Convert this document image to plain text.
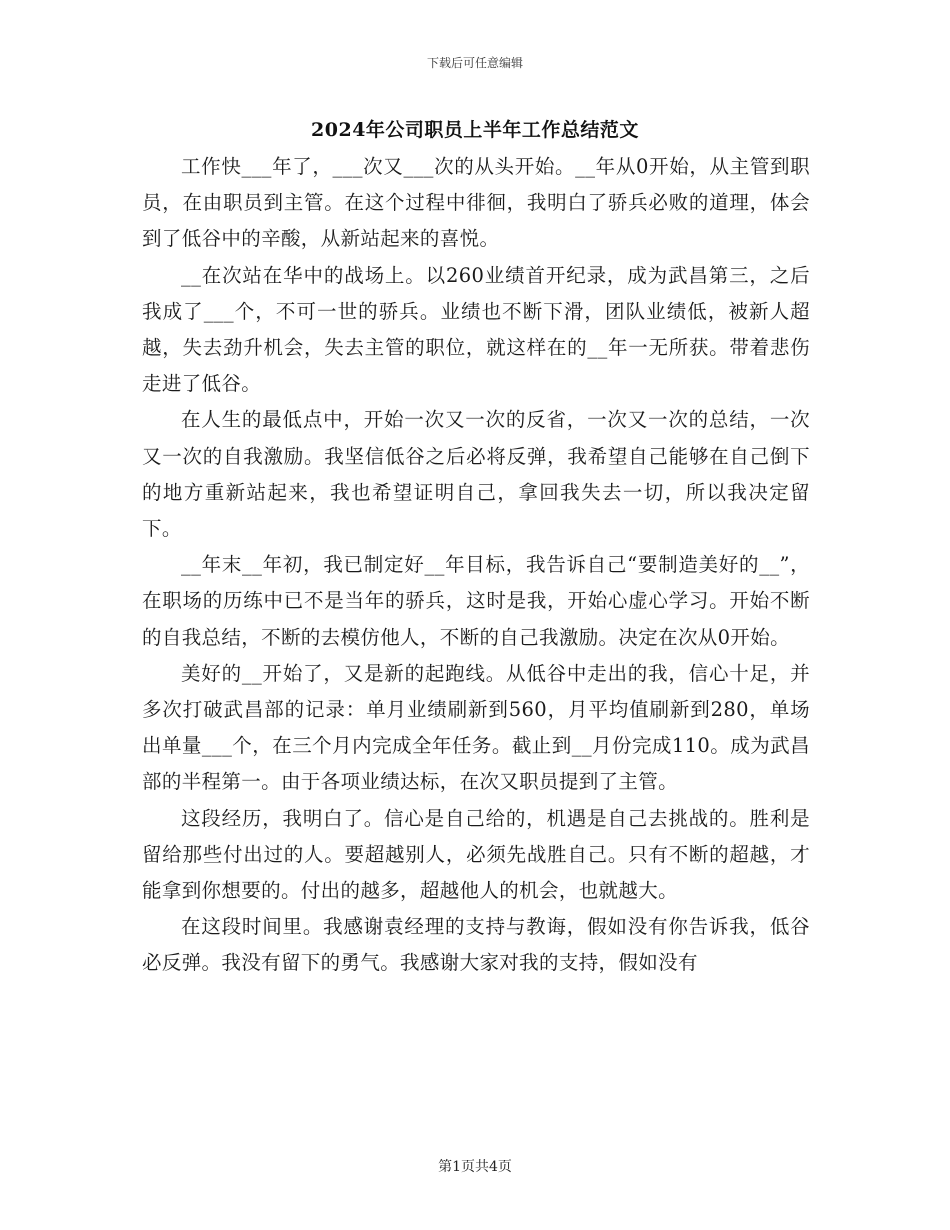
下载后可任意编辑
2024年公司职员上半年工作总结范文

工作快___年了，___次又___次的从头开始。__年从0开始，从主管到职员，在由职员到主管。在这个过程中徘徊，我明白了骄兵必败的道理，体会到了低谷中的辛酸，从新站起来的喜悦。

__在次站在华中的战场上。以260业绩首开纪录，成为武昌第三，之后我成了___个，不可一世的骄兵。业绩也不断下滑，团队业绩低，被新人超越，失去劲升机会，失去主管的职位，就这样在的__年一无所获。带着悲伤走进了低谷。

在人生的最低点中，开始一次又一次的反省，一次又一次的总结，一次又一次的自我激励。我坚信低谷之后必将反弹，我希望自己能够在自己倒下的地方重新站起来，我也希望证明自己，拿回我失去一切，所以我决定留下。

__年末__年初，我已制定好__年目标，我告诉自己“要制造美好的__”，在职场的历练中已不是当年的骄兵，这时是我，开始心虚心学习。开始不断的自我总结，不断的去模仿他人，不断的自己我激励。决定在次从0开始。

美好的__开始了，又是新的起跑线。从低谷中走出的我，信心十足，并多次打破武昌部的记录：单月业绩刷新到560，月平均值刷新到280，单场出单量___个，在三个月内完成全年任务。截止到__月份完成110。成为武昌部的半程第一。由于各项业绩达标，在次又职员提到了主管。

这段经历，我明白了。信心是自己给的，机遇是自己去挑战的。胜利是留给那些付出过的人。要超越别人，必须先战胜自己。只有不断的超越，才能拿到你想要的。付出的越多，超越他人的机会，也就越大。

在这段时间里。我感谢袁经理的支持与教诲，假如没有你告诉我，低谷必反弹。我没有留下的勇气。我感谢大家对我的支持，假如没有

第1页共4页
